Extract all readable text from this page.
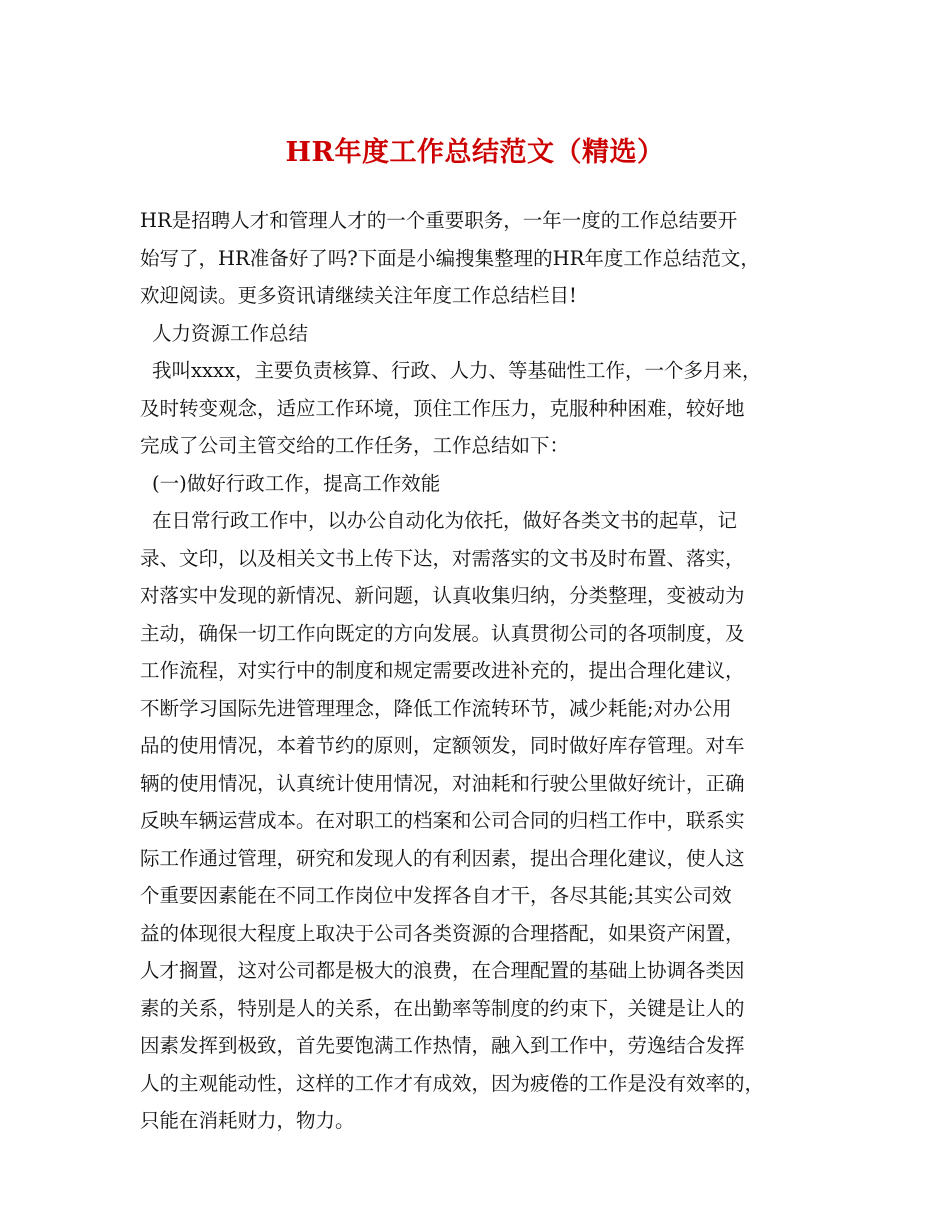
HR年度工作总结范文（精选）
HR是招聘人才和管理人才的一个重要职务，一年一度的工作总结要开
始写了，HR准备好了吗?下面是小编搜集整理的HR年度工作总结范文，
欢迎阅读。更多资讯请继续关注年度工作总结栏目!
人力资源工作总结
我叫xxxx，主要负责核算、行政、人力、等基础性工作，一个多月来，
及时转变观念，适应工作环境，顶住工作压力，克服种种困难，较好地
完成了公司主管交给的工作任务，工作总结如下：
(一)做好行政工作，提高工作效能
在日常行政工作中，以办公自动化为依托，做好各类文书的起草，记
录、文印，以及相关文书上传下达，对需落实的文书及时布置、落实，
对落实中发现的新情况、新问题，认真收集归纳，分类整理，变被动为
主动，确保一切工作向既定的方向发展。认真贯彻公司的各项制度，及
工作流程，对实行中的制度和规定需要改进补充的，提出合理化建议，
不断学习国际先进管理理念，降低工作流转环节，减少耗能;对办公用
品的使用情况，本着节约的原则，定额领发，同时做好库存管理。对车
辆的使用情况，认真统计使用情况，对油耗和行驶公里做好统计，正确
反映车辆运营成本。在对职工的档案和公司合同的归档工作中，联系实
际工作通过管理，研究和发现人的有利因素，提出合理化建议，使人这
个重要因素能在不同工作岗位中发挥各自才干，各尽其能;其实公司效
益的体现很大程度上取决于公司各类资源的合理搭配，如果资产闲置，
人才搁置，这对公司都是极大的浪费，在合理配置的基础上协调各类因
素的关系，特别是人的关系，在出勤率等制度的约束下，关键是让人的
因素发挥到极致，首先要饱满工作热情，融入到工作中，劳逸结合发挥
人的主观能动性，这样的工作才有成效，因为疲倦的工作是没有效率的，
只能在消耗财力，物力。
